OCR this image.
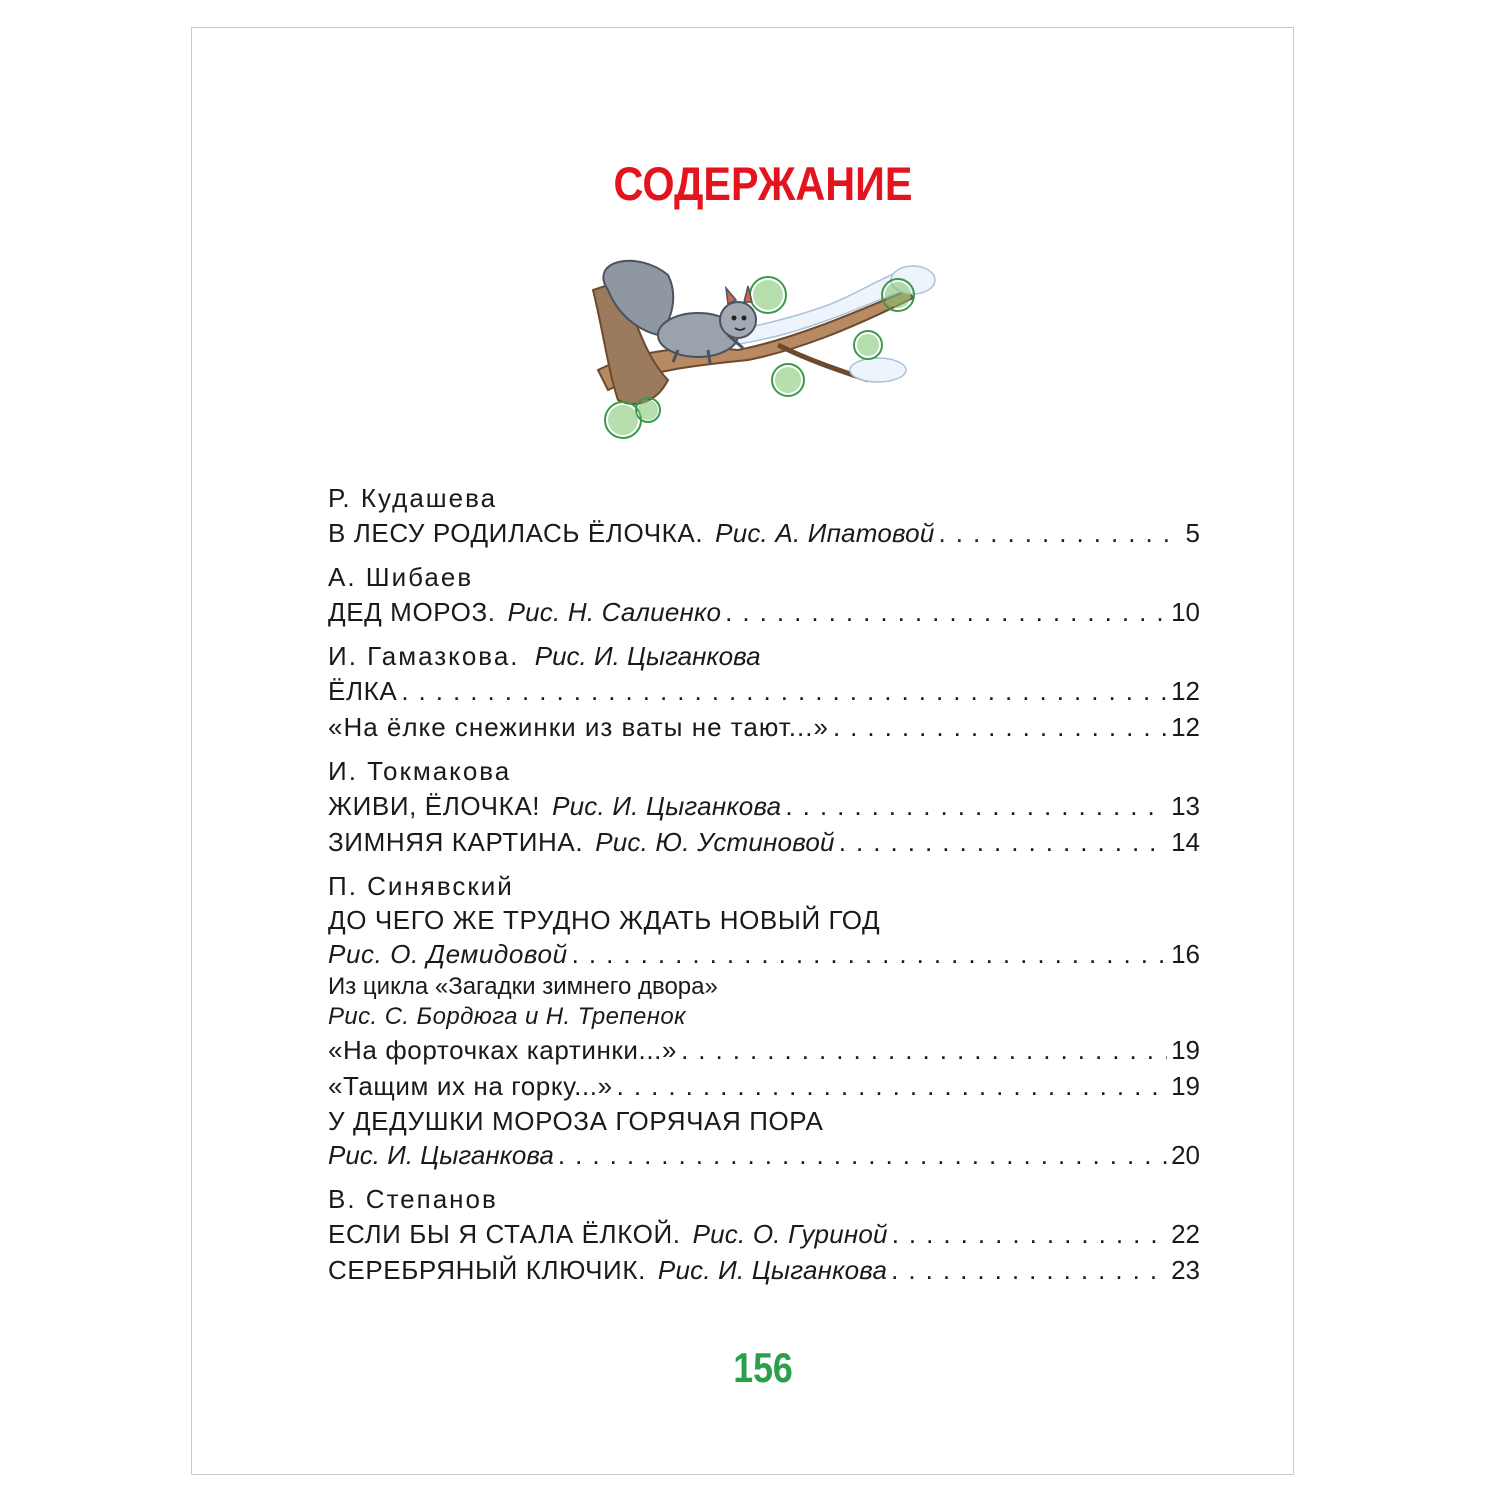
СОДЕРЖАНИЕ
Р. Кудашева
В ЛЕСУ РОДИЛАСЬ ЁЛОЧКА. Рис. А. Ипатовой . . .	5
А. Шибаев
ДЕД МОРОЗ. Рис. Н. Салиенко . . .	10
И. Гамазкова. Рис. И. Цыганкова
ЁЛКА . . .	12
«На ёлке снежинки из ваты не тают...» . . .	12
И. Токмакова
ЖИВИ, ЁЛОЧКА! Рис. И. Цыганкова . . .	13
ЗИМНЯЯ КАРТИНА. Рис. Ю. Устиновой . . .	14
П. Синявский
ДО ЧЕГО ЖЕ ТРУДНО ЖДАТЬ НОВЫЙ ГОД
Рис. О. Демидовой . . .	16
Из цикла «Загадки зимнего двора»
Рис. С. Бордюга и Н. Трепенок
«На форточках картинки...» . . .	19
«Тащим их на горку...» . . .	19
У ДЕДУШКИ МОРОЗА ГОРЯЧАЯ ПОРА
Рис. И. Цыганкова . . .	20
В. Степанов
ЕСЛИ БЫ Я СТАЛА ЁЛКОЙ. Рис. О. Гуриной . . .	22
СЕРЕБРЯНЫЙ КЛЮЧИК. Рис. И. Цыганкова . . .	23
156
